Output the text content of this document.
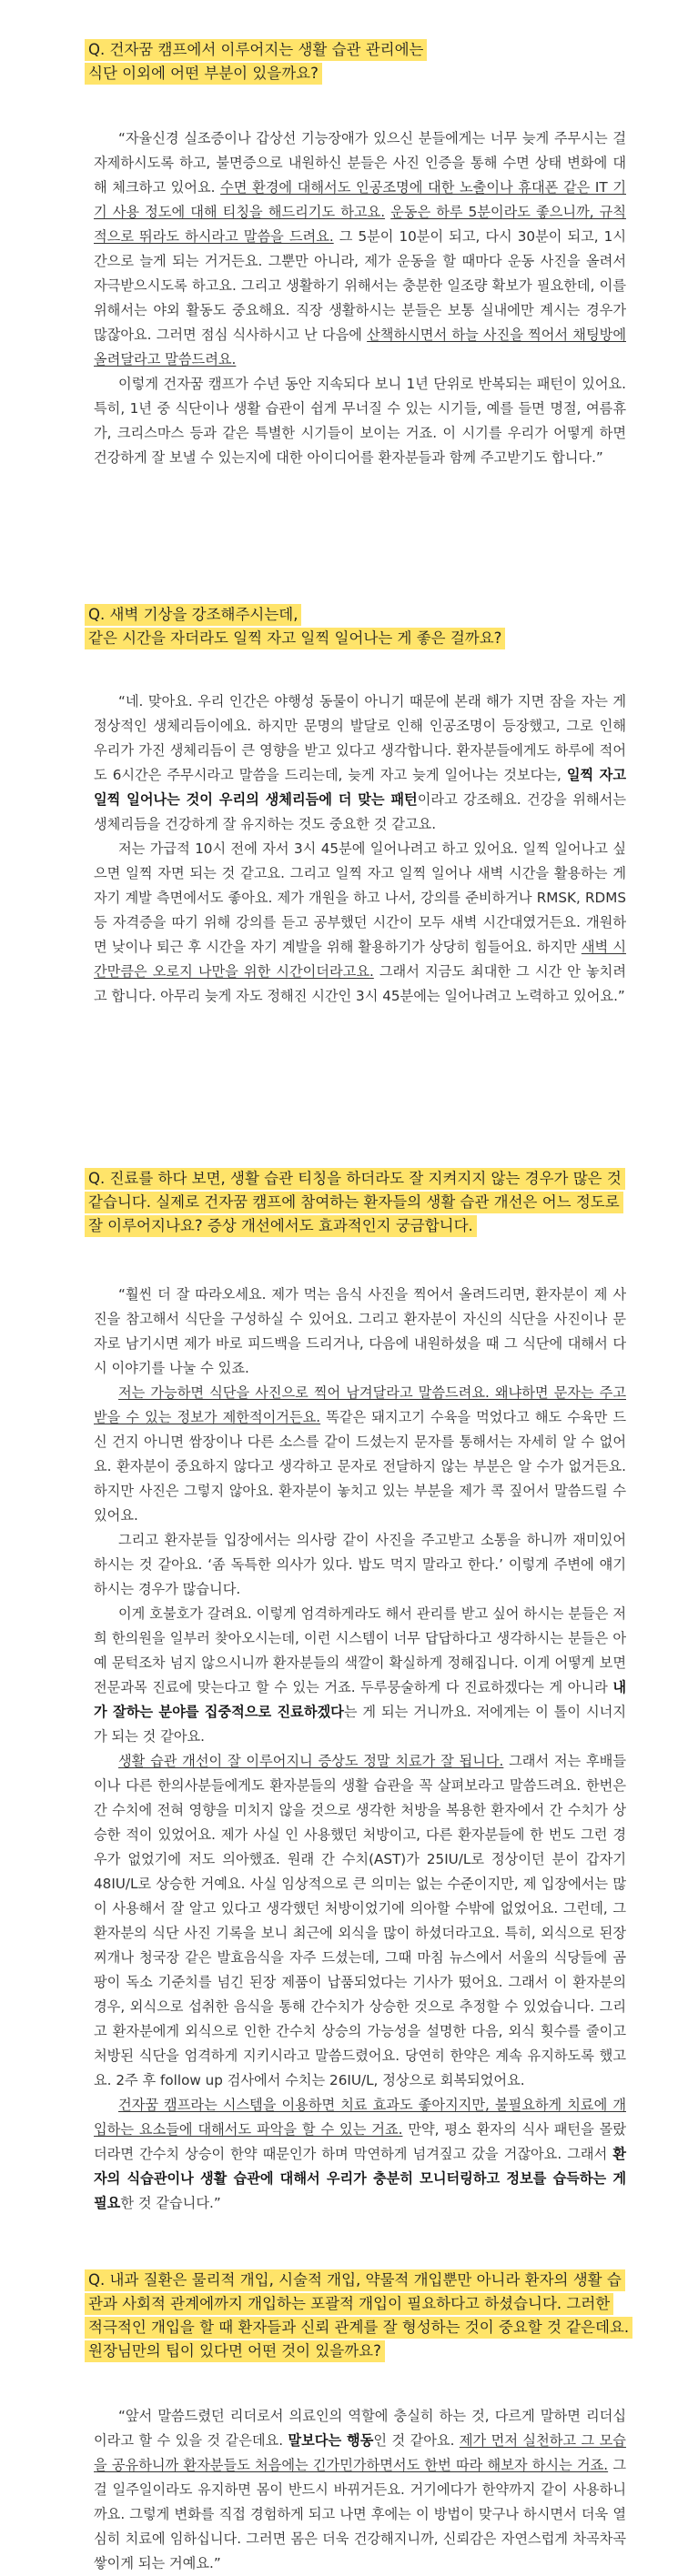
Q. 건자꿈 캠프에서 이루어지는 생활 습관 관리에는
식단 이외에 어떤 부분이 있을까요?

“자율신경 실조증이나 갑상선 기능장애가 있으신 분들에게는 너무 늦게 주무시는 걸 자제하시도록 하고, 불면증으로 내원하신 분들은 사진 인증을 통해 수면 상태 변화에 대해 체크하고 있어요. 수면 환경에 대해서도 인공조명에 대한 노출이나 휴대폰 같은 IT 기기 사용 정도에 대해 티칭을 해드리기도 하고요. 운동은 하루 5분이라도 좋으니까, 규칙적으로 뛰라도 하시라고 말씀을 드려요. 그 5분이 10분이 되고, 다시 30분이 되고, 1시간으로 늘게 되는 거거든요. 그뿐만 아니라, 제가 운동을 할 때마다 운동 사진을 올려서 자극받으시도록 하고요. 그리고 생활하기 위해서는 충분한 일조량 확보가 필요한데, 이를 위해서는 야외 활동도 중요해요. 직장 생활하시는 분들은 보통 실내에만 계시는 경우가 많잖아요. 그러면 점심 식사하시고 난 다음에 산책하시면서 하늘 사진을 찍어서 채팅방에 올려달라고 말씀드려요.

이렇게 건자꿈 캠프가 수년 동안 지속되다 보니 1년 단위로 반복되는 패턴이 있어요. 특히, 1년 중 식단이나 생활 습관이 쉽게 무너질 수 있는 시기들, 예를 들면 명절, 여름휴가, 크리스마스 등과 같은 특별한 시기들이 보이는 거죠. 이 시기를 우리가 어떻게 하면 건강하게 잘 보낼 수 있는지에 대한 아이디어를 환자분들과 함께 주고받기도 합니다.”

Q. 새벽 기상을 강조해주시는데,
같은 시간을 자더라도 일찍 자고 일찍 일어나는 게 좋은 걸까요?

“네. 맞아요. 우리 인간은 야행성 동물이 아니기 때문에 본래 해가 지면 잠을 자는 게 정상적인 생체리듬이에요. 하지만 문명의 발달로 인해 인공조명이 등장했고, 그로 인해 우리가 가진 생체리듬이 큰 영향을 받고 있다고 생각합니다. 환자분들에게도 하루에 적어도 6시간은 주무시라고 말씀을 드리는데, 늦게 자고 늦게 일어나는 것보다는, 일찍 자고 일찍 일어나는 것이 우리의 생체리듬에 더 맞는 패턴이라고 강조해요. 건강을 위해서는 생체리듬을 건강하게 잘 유지하는 것도 중요한 것 같고요.

저는 가급적 10시 전에 자서 3시 45분에 일어나려고 하고 있어요. 일찍 일어나고 싶으면 일찍 자면 되는 것 같고요. 그리고 일찍 자고 일찍 일어나 새벽 시간을 활용하는 게 자기 계발 측면에서도 좋아요. 제가 개원을 하고 나서, 강의를 준비하거나 RMSK, RDMS 등 자격증을 따기 위해 강의를 듣고 공부했던 시간이 모두 새벽 시간대였거든요. 개원하면 낮이나 퇴근 후 시간을 자기 계발을 위해 활용하기가 상당히 힘들어요. 하지만 새벽 시간만큼은 오로지 나만을 위한 시간이더라고요. 그래서 지금도 최대한 그 시간 안 놓치려고 합니다. 아무리 늦게 자도 정해진 시간인 3시 45분에는 일어나려고 노력하고 있어요.”

Q. 진료를 하다 보면, 생활 습관 티칭을 하더라도 잘 지켜지지 않는 경우가 많은 것
같습니다. 실제로 건자꿈 캠프에 참여하는 환자들의 생활 습관 개선은 어느 정도로
잘 이루어지나요? 증상 개선에서도 효과적인지 궁금합니다.

“훨씬 더 잘 따라오세요. 제가 먹는 음식 사진을 찍어서 올려드리면, 환자분이 제 사진을 참고해서 식단을 구성하실 수 있어요. 그리고 환자분이 자신의 식단을 사진이나 문자로 남기시면 제가 바로 피드백을 드리거나, 다음에 내원하셨을 때 그 식단에 대해서 다시 이야기를 나눌 수 있죠.

저는 가능하면 식단을 사진으로 찍어 남겨달라고 말씀드려요. 왜냐하면 문자는 주고받을 수 있는 정보가 제한적이거든요. 똑같은 돼지고기 수육을 먹었다고 해도 수육만 드신 건지 아니면 쌈장이나 다른 소스를 같이 드셨는지 문자를 통해서는 자세히 알 수 없어요. 환자분이 중요하지 않다고 생각하고 문자로 전달하지 않는 부분은 알 수가 없거든요. 하지만 사진은 그렇지 않아요. 환자분이 놓치고 있는 부분을 제가 콕 짚어서 말씀드릴 수 있어요.

그리고 환자분들 입장에서는 의사랑 같이 사진을 주고받고 소통을 하니까 재미있어 하시는 것 같아요. ‘좀 독특한 의사가 있다. 밥도 먹지 말라고 한다.’ 이렇게 주변에 얘기하시는 경우가 많습니다.

이게 호불호가 갈려요. 이렇게 엄격하게라도 해서 관리를 받고 싶어 하시는 분들은 저희 한의원을 일부러 찾아오시는데, 이런 시스템이 너무 답답하다고 생각하시는 분들은 아예 문턱조차 넘지 않으시니까 환자분들의 색깔이 확실하게 정해집니다. 이게 어떻게 보면 전문과목 진료에 맞는다고 할 수 있는 거죠. 두루뭉술하게 다 진료하겠다는 게 아니라 내가 잘하는 분야를 집중적으로 진료하겠다는 게 되는 거니까요. 저에게는 이 톨이 시너지가 되는 것 같아요.

생활 습관 개선이 잘 이루어지니 증상도 정말 치료가 잘 됩니다. 그래서 저는 후배들이나 다른 한의사분들에게도 환자분들의 생활 습관을 꼭 살펴보라고 말씀드려요. 한번은 간 수치에 전혀 영향을 미치지 않을 것으로 생각한 처방을 복용한 환자에서 간 수치가 상승한 적이 있었어요. 제가 사실 인 사용했던 처방이고, 다른 환자분들에 한 번도 그런 경우가 없었기에 저도 의아했죠. 원래 간 수치(AST)가 25IU/L로 정상이던 분이 갑자기 48IU/L로 상승한 거예요. 사실 임상적으로 큰 의미는 없는 수준이지만, 제 입장에서는 많이 사용해서 잘 알고 있다고 생각했던 처방이었기에 의아할 수밖에 없었어요. 그런데, 그 환자분의 식단 사진 기록을 보니 최근에 외식을 많이 하셨더라고요. 특히, 외식으로 된장찌개나 청국장 같은 발효음식을 자주 드셨는데, 그때 마침 뉴스에서 서울의 식당들에 곰팡이 독소 기준치를 넘긴 된장 제품이 납품되었다는 기사가 떴어요. 그래서 이 환자분의 경우, 외식으로 섭취한 음식을 통해 간수치가 상승한 것으로 추정할 수 있었습니다. 그리고 환자분에게 외식으로 인한 간수치 상승의 가능성을 설명한 다음, 외식 횟수를 줄이고 처방된 식단을 엄격하게 지키시라고 말씀드렸어요. 당연히 한약은 계속 유지하도록 했고요. 2주 후 follow up 검사에서 수치는 26IU/L, 정상으로 회복되었어요.

건자꿈 캠프라는 시스템을 이용하면 치료 효과도 좋아지지만, 불필요하게 치료에 개입하는 요소들에 대해서도 파악을 할 수 있는 거죠. 만약, 평소 환자의 식사 패턴을 몰랐더라면 간수치 상승이 한약 때문인가 하며 막연하게 넘겨짚고 갔을 거잖아요. 그래서 환자의 식습관이나 생활 습관에 대해서 우리가 충분히 모니터링하고 정보를 습득하는 게 필요한 것 같습니다.”

Q. 내과 질환은 물리적 개입, 시술적 개입, 약물적 개입뿐만 아니라 환자의 생활 습
관과 사회적 관계에까지 개입하는 포괄적 개입이 필요하다고 하셨습니다. 그러한
적극적인 개입을 할 때 환자들과 신뢰 관계를 잘 형성하는 것이 중요할 것 같은데요.
원장님만의 팁이 있다면 어떤 것이 있을까요?

“앞서 말씀드렸던 리더로서 의료인의 역할에 충실히 하는 것, 다르게 말하면 리더십이라고 할 수 있을 것 같은데요. 말보다는 행동인 것 같아요. 제가 먼저 실천하고 그 모습을 공유하니까 환자분들도 처음에는 긴가민가하면서도 한번 따라 해보자 하시는 거죠. 그걸 일주일이라도 유지하면 몸이 반드시 바뀌거든요. 거기에다가 한약까지 같이 사용하니까요. 그렇게 변화를 직접 경험하게 되고 나면 후에는 이 방법이 맞구나 하시면서 더욱 열심히 치료에 임하십니다. 그러면 몸은 더욱 건강해지니까, 신뢰감은 자연스럽게 차곡차곡 쌓이게 되는 거예요.”
